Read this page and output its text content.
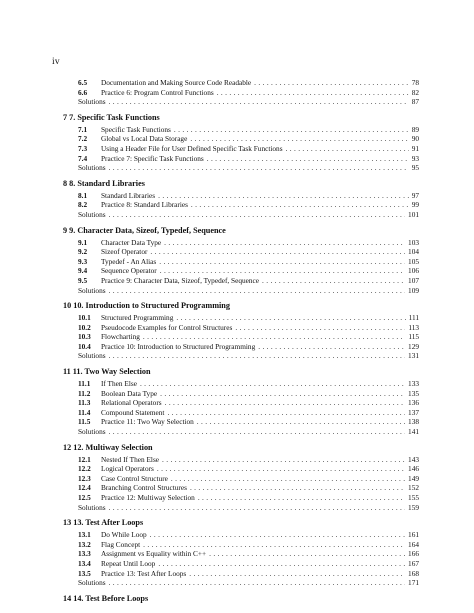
iv
6.5	Documentation and Making Source Code Readable .....	78
6.6	Practice 6: Program Control Functions .....	82
Solutions .....	87
7 7. Specific Task Functions
7.1	Specific Task Functions .....	89
7.2	Global vs Local Data Storage .....	90
7.3	Using a Header File for User Defined Specific Task Functions .....	91
7.4	Practice 7: Specific Task Functions .....	93
Solutions .....	95
8 8. Standard Libraries
8.1	Standard Libraries .....	97
8.2	Practice 8: Standard Libraries .....	99
Solutions .....	101
9 9. Character Data, Sizeof, Typedef, Sequence
9.1	Character Data Type .....	103
9.2	Sizeof Operator .....	104
9.3	Typedef - An Alias .....	105
9.4	Sequence Operator .....	106
9.5	Practice 9: Character Data, Sizeof, Typedef, Sequence .....	107
Solutions .....	109
10 10. Introduction to Structured Programming
10.1	Structured Programming .....	111
10.2	Pseudocode Examples for Control Structures .....	113
10.3	Flowcharting .....	115
10.4	Practice 10: Introduction to Structured Programming .....	129
Solutions .....	131
11 11. Two Way Selection
11.1	If Then Else .....	133
11.2	Boolean Data Type .....	135
11.3	Relational Operators .....	136
11.4	Compound Statement .....	137
11.5	Practice 11: Two Way Selection .....	138
Solutions .....	141
12 12. Multiway Selection
12.1	Nested If Then Else .....	143
12.2	Logical Operators .....	146
12.3	Case Control Structure .....	149
12.4	Branching Control Structures .....	152
12.5	Practice 12: Multiway Selection .....	155
Solutions .....	159
13 13. Test After Loops
13.1	Do While Loop .....	161
13.2	Flag Concept .....	164
13.3	Assignment vs Equality within C++ .....	166
13.4	Repeat Until Loop .....	167
13.5	Practice 13: Test After Loops .....	168
Solutions .....	171
14 14. Test Before Loops
